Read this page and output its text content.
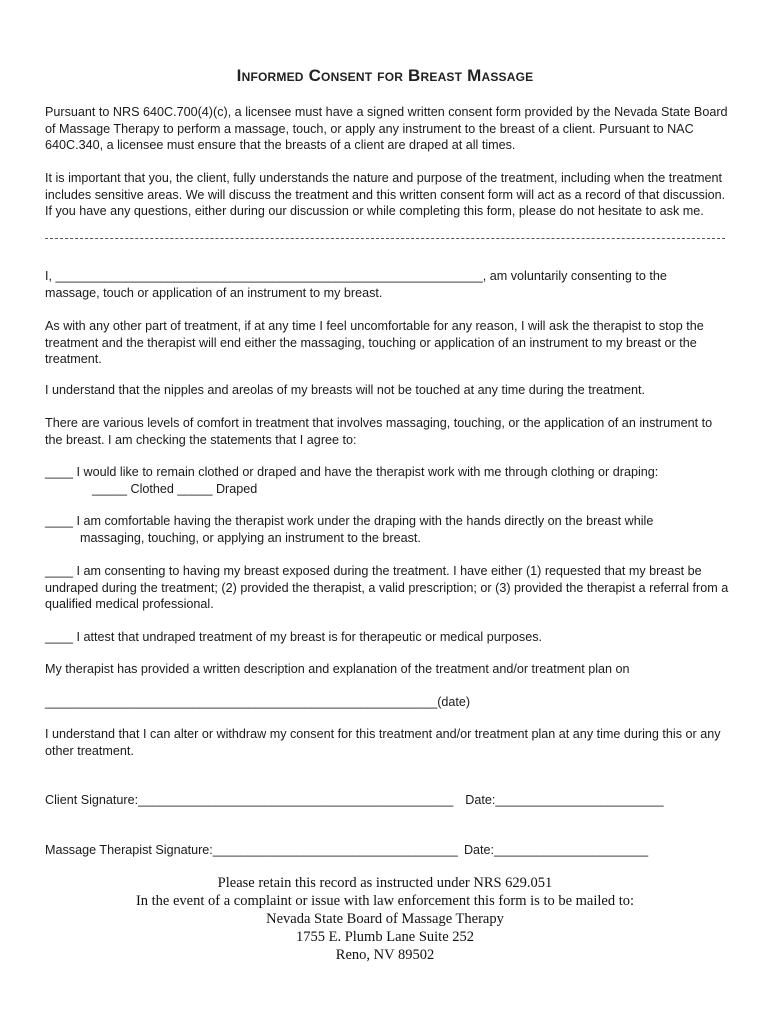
Informed Consent for Breast Massage

Pursuant to NRS 640C.700(4)(c), a licensee must have a signed written consent form provided by the Nevada State Board of Massage Therapy to perform a massage, touch, or apply any instrument to the breast of a client. Pursuant to NAC 640C.340, a licensee must ensure that the breasts of a client are draped at all times.

It is important that you, the client, fully understands the nature and purpose of the treatment, including when the treatment includes sensitive areas. We will discuss the treatment and this written consent form will act as a record of that discussion. If you have any questions, either during our discussion or while completing this form, please do not hesitate to ask me.

I, _____________________________________________________________, am voluntarily consenting to the
massage, touch or application of an instrument to my breast.

As with any other part of treatment, if at any time I feel uncomfortable for any reason, I will ask the therapist to stop the treatment and the therapist will end either the massaging, touching or application of an instrument to my breast or the treatment.

I understand that the nipples and areolas of my breasts will not be touched at any time during the treatment.

There are various levels of comfort in treatment that involves massaging, touching, or the application of an instrument to the breast. I am checking the statements that I agree to:

____ I would like to remain clothed or draped and have the therapist work with me through clothing or draping:
_____ Clothed _____ Draped
____ I am comfortable having the therapist work under the draping with the hands directly on the breast while
massaging, touching, or applying an instrument to the breast.

____ I am consenting to having my breast exposed during the treatment. I have either (1) requested that my breast be undraped during the treatment; (2) provided the therapist, a valid prescription; or (3) provided the therapist a referral from a qualified medical professional.

____ I attest that undraped treatment of my breast is for therapeutic or medical purposes.

My therapist has provided a written description and explanation of the treatment and/or treatment plan on

________________________________________________________(date)

I understand that I can alter or withdraw my consent for this treatment and/or treatment plan at any time during this or any other treatment.

Client Signature:_____________________________________________ Date:________________________
Massage Therapist Signature:___________________________________ Date:______________________
Please retain this record as instructed under NRS 629.051
In the event of a complaint or issue with law enforcement this form is to be mailed to:
Nevada State Board of Massage Therapy
1755 E. Plumb Lane Suite 252
Reno, NV 89502
